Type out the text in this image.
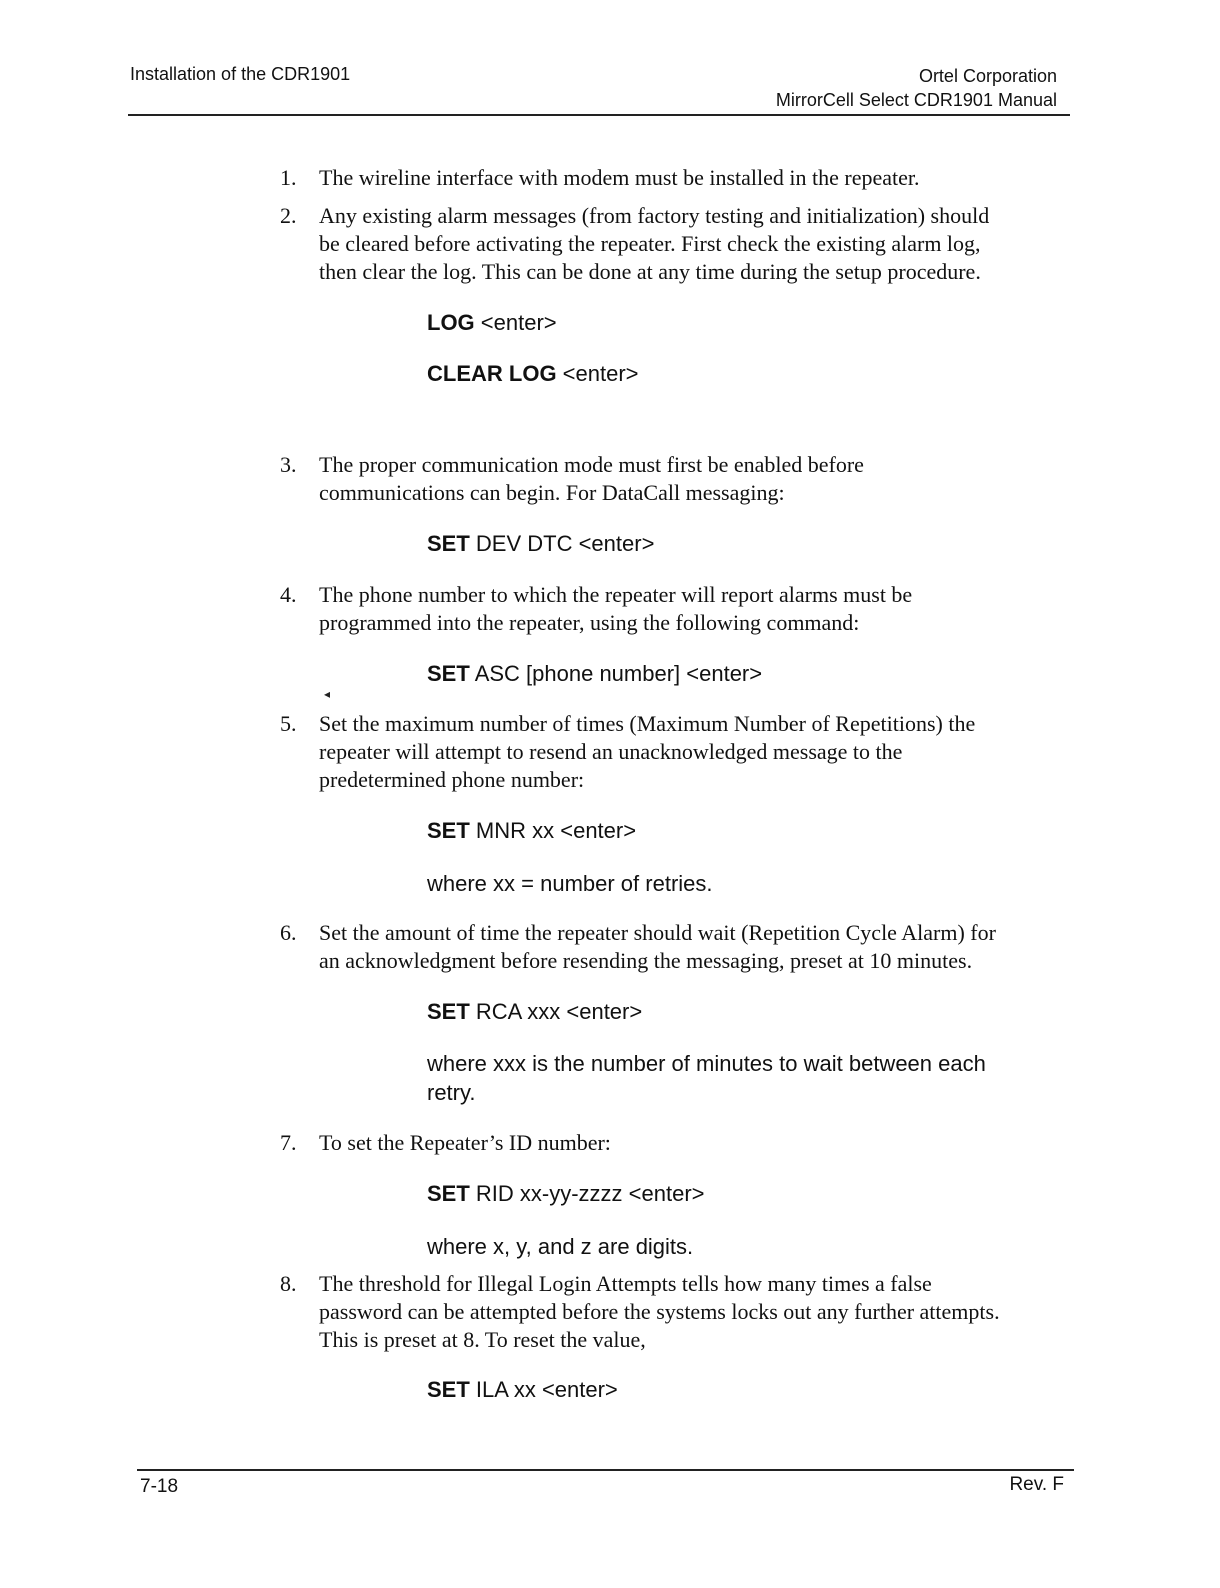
Installation of the CDR1901	Ortel Corporation
MirrorCell Select CDR1901 Manual
1.	The wireline interface with modem must be installed in the repeater.
2.	Any existing alarm messages (from factory testing and initialization) should
be cleared before activating the repeater. First check the existing alarm log,
then clear the log. This can be done at any time during the setup procedure.
LOG <enter>
CLEAR LOG <enter>
3.	The proper communication mode must first be enabled before
communications can begin. For DataCall messaging:
SET DEV DTC <enter>
4.	The phone number to which the repeater will report alarms must be
programmed into the repeater, using the following command:
SET ASC [phone number] <enter>
◂
5.	Set the maximum number of times (Maximum Number of Repetitions) the
repeater will attempt to resend an unacknowledged message to the
predetermined phone number:
SET MNR xx <enter>
where xx = number of retries.
6.	Set the amount of time the repeater should wait (Repetition Cycle Alarm) for
an acknowledgment before resending the messaging, preset at 10 minutes.
SET RCA xxx <enter>
where xxx is the number of minutes to wait between each
retry.
7.	To set the Repeater’s ID number:
SET RID xx-yy-zzzz <enter>
where x, y, and z are digits.
8.	The threshold for Illegal Login Attempts tells how many times a false
password can be attempted before the systems locks out any further attempts.
This is preset at 8. To reset the value,
SET ILA xx <enter>
7-18	Rev. F
